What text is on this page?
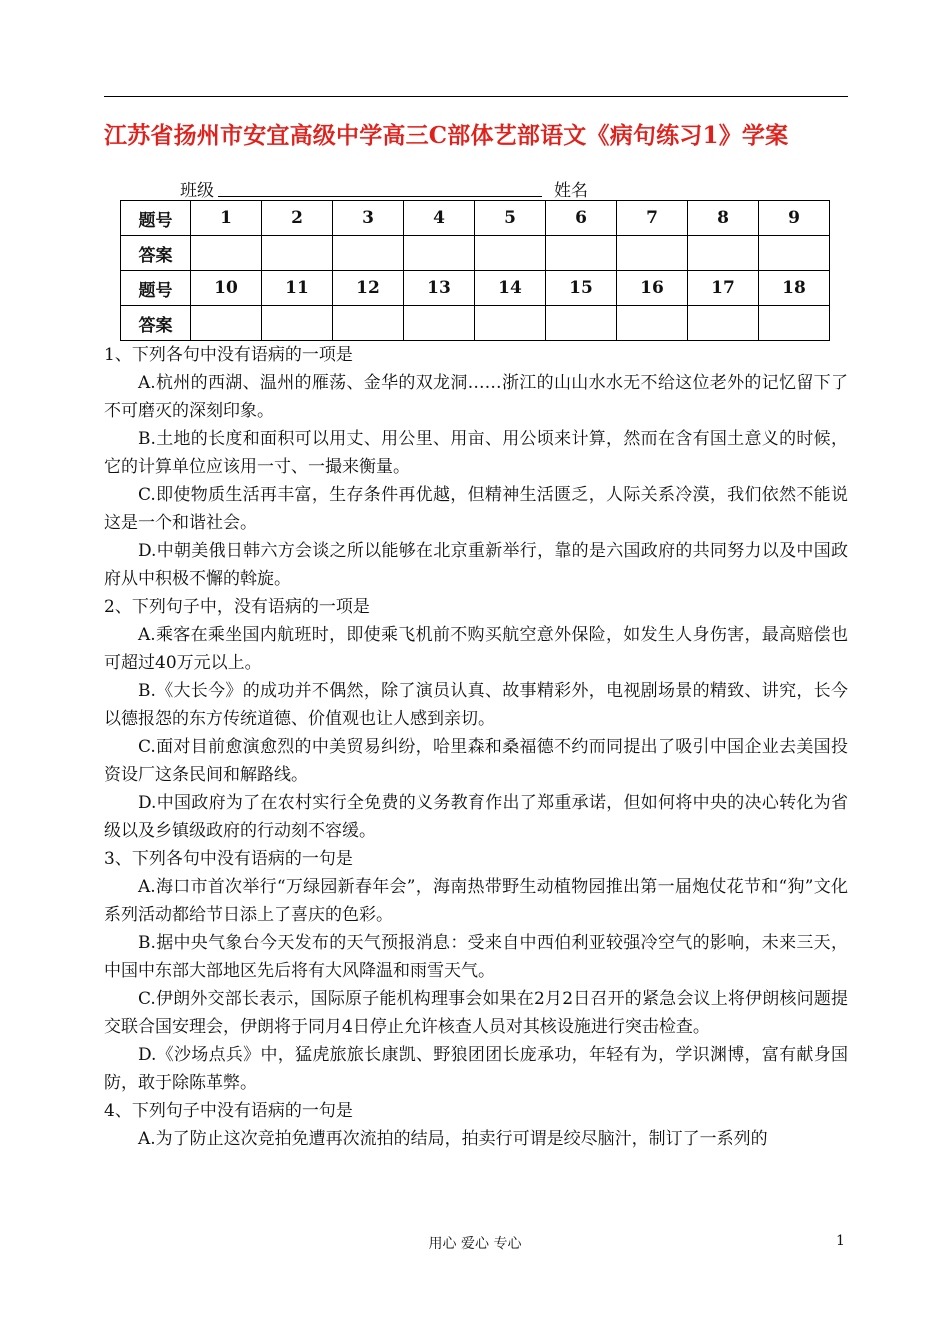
江苏省扬州市安宜高级中学高三C部体艺部语文《病句练习1》学案
班级	姓名
题号	1	2	3	4	5	6	7	8	9
答案									
题号	10	11	12	13	14	15	16	17	18
答案									
1、下列各句中没有语病的一项是
A.杭州的西湖、温州的雁荡、金华的双龙洞……浙江的山山水水无不给这位老外的记忆留下了不可磨灭的深刻印象。
B.土地的长度和面积可以用丈、用公里、用亩、用公顷来计算，然而在含有国土意义的时候，它的计算单位应该用一寸、一撮来衡量。
C.即使物质生活再丰富，生存条件再优越，但精神生活匮乏，人际关系冷漠，我们依然不能说这是一个和谐社会。
D.中朝美俄日韩六方会谈之所以能够在北京重新举行，靠的是六国政府的共同努力以及中国政府从中积极不懈的斡旋。
2、下列句子中，没有语病的一项是
A.乘客在乘坐国内航班时，即使乘飞机前不购买航空意外保险，如发生人身伤害，最高赔偿也可超过40万元以上。
B.《大长今》的成功并不偶然，除了演员认真、故事精彩外，电视剧场景的精致、讲究，长今以德报怨的东方传统道德、价值观也让人感到亲切。
C.面对目前愈演愈烈的中美贸易纠纷，哈里森和桑福德不约而同提出了吸引中国企业去美国投资设厂这条民间和解路线。
D.中国政府为了在农村实行全免费的义务教育作出了郑重承诺，但如何将中央的决心转化为省级以及乡镇级政府的行动刻不容缓。
3、下列各句中没有语病的一句是
A.海口市首次举行“万绿园新春年会”，海南热带野生动植物园推出第一届炮仗花节和“狗”文化系列活动都给节日添上了喜庆的色彩。
B.据中央气象台今天发布的天气预报消息：受来自中西伯利亚较强冷空气的影响，未来三天，中国中东部大部地区先后将有大风降温和雨雪天气。
C.伊朗外交部长表示，国际原子能机构理事会如果在2月2日召开的紧急会议上将伊朗核问题提交联合国安理会，伊朗将于同月4日停止允许核查人员对其核设施进行突击检查。
D.《沙场点兵》中，猛虎旅旅长康凯、野狼团团长庞承功，年轻有为，学识渊博，富有献身国防，敢于除陈革弊。
4、下列句子中没有语病的一句是
A.为了防止这次竞拍免遭再次流拍的结局，拍卖行可谓是绞尽脑汁，制订了一系列的
用心 爱心 专心	1
